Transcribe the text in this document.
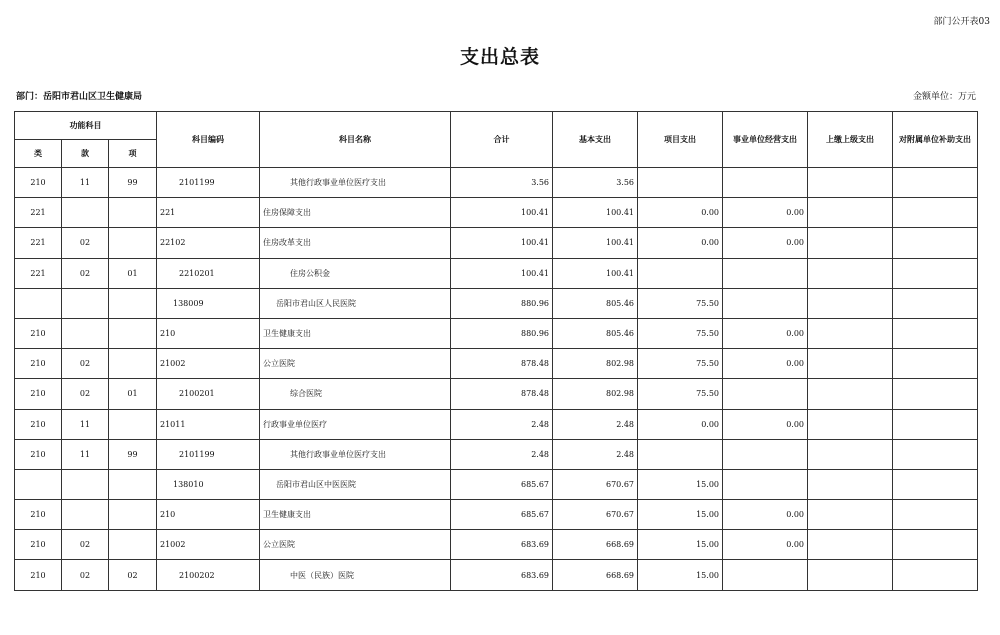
部门公开表03
支出总表
部门：岳阳市君山区卫生健康局	金额单位：万元
功能科目			科目编码	科目名称	合计	基本支出	项目支出	事业单位经营支出	上缴上级支出	对附属单位补助支出
类	款	项								
210	11	99	2101199	其他行政事业单位医疗支出	3.56	3.56				
221			221	住房保障支出	100.41	100.41	0.00	0.00		
221	02		22102	住房改革支出	100.41	100.41	0.00	0.00		
221	02	01	2210201	住房公积金	100.41	100.41				
			138009	岳阳市君山区人民医院	880.96	805.46	75.50			
210			210	卫生健康支出	880.96	805.46	75.50	0.00		
210	02		21002	公立医院	878.48	802.98	75.50	0.00		
210	02	01	2100201	综合医院	878.48	802.98	75.50			
210	11		21011	行政事业单位医疗	2.48	2.48	0.00	0.00		
210	11	99	2101199	其他行政事业单位医疗支出	2.48	2.48				
			138010	岳阳市君山区中医医院	685.67	670.67	15.00			
210			210	卫生健康支出	685.67	670.67	15.00	0.00		
210	02		21002	公立医院	683.69	668.69	15.00	0.00		
210	02	02	2100202	中医（民族）医院	683.69	668.69	15.00			
